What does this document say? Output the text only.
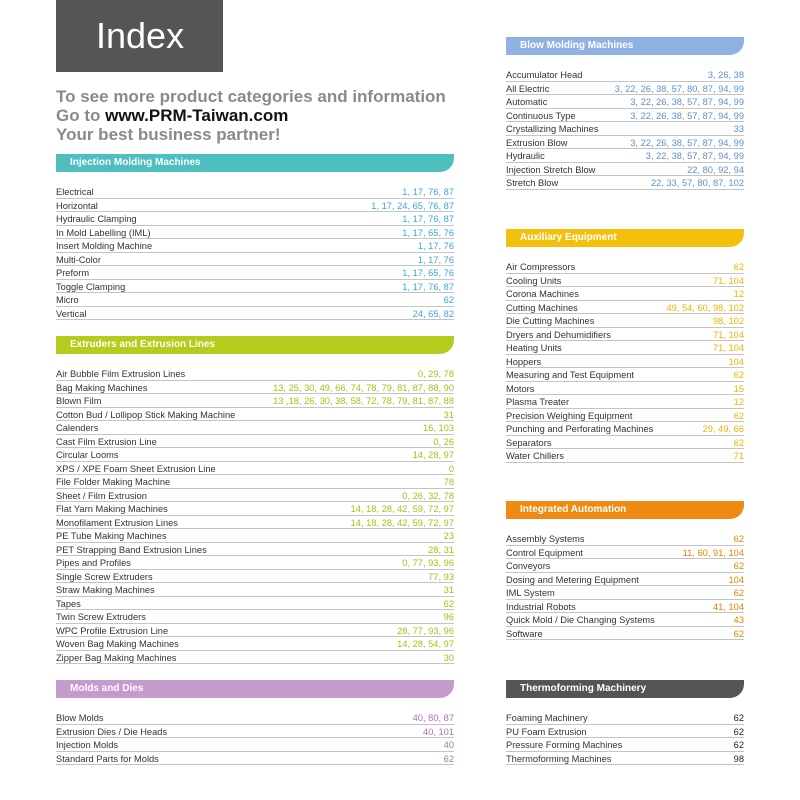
Index
To see more product categories and information
Go to www.PRM-Taiwan.com
Your best business partner!
Injection Molding Machines
Electrical	1, 17, 76, 87
Horizontal	1, 17, 24, 65, 76, 87
Hydraulic Clamping	1, 17, 76, 87
In Mold Labelling (IML)	1, 17, 65, 76
Insert Molding Machine	1, 17, 76
Multi-Color	1, 17, 76
Preform	1, 17, 65, 76
Toggle Clamping	1, 17, 76, 87
Micro	62
Vertical	24, 65, 82
Extruders and Extrusion Lines
Air Bubble Film Extrusion Lines	0, 29, 78
Bag Making Machines	13, 25, 30, 49, 66, 74, 78, 79, 81, 87, 88, 90
Blown Film	13 ,18, 26, 30, 38, 58, 72, 78, 79, 81, 87, 88
Cotton Bud / Lollipop Stick Making Machine	31
Calenders	16, 103
Cast Film Extrusion Line	0, 26
Circular Looms	14, 28, 97
XPS / XPE Foam Sheet Extrusion Line	0
File Folder Making Machine	78
Sheet / Film Extrusion	0, 26, 32, 78
Flat Yarn Making Machines	14, 18, 28, 42, 59, 72, 97
Monofilament Extrusion Lines	14, 18, 28, 42, 59, 72, 97
PE Tube Making Machines	23
PET Strapping Band Extrusion Lines	28, 31
Pipes and Profiles	0, 77, 93, 96
Single Screw Extruders	77, 93
Straw Making Machines	31
Tapes	62
Twin Screw Extruders	96
WPC Profile Extrusion Line	28, 77, 93, 96
Woven Bag Making Machines	14, 28, 54, 97
Zipper Bag Making Machines	30
Molds and Dies
Blow Molds	40, 80, 87
Extrusion Dies / Die Heads	40, 101
Injection Molds	40
Standard Parts for Molds	62
Blow Molding Machines
Accumulator Head	3, 26, 38
All Electric	3, 22, 26, 38, 57, 80, 87, 94, 99
Automatic	3, 22, 26, 38, 57, 87, 94, 99
Continuous Type	3, 22, 26, 38, 57, 87, 94, 99
Crystallizing Machines	33
Extrusion Blow	3, 22, 26, 38, 57, 87, 94, 99
Hydraulic	3, 22, 38, 57, 87, 94, 99
Injection Stretch Blow	22, 80, 92, 94
Stretch Blow	22, 33, 57, 80, 87, 102
Auxiliary Equipment
Air Compressors	62
Cooling Units	71, 104
Corona Machines	12
Cutting Machines	49, 54, 60, 98, 102
Die Cutting Machines	98, 102
Dryers and Dehumidifiers	71, 104
Heating Units	71, 104
Hoppers	104
Measuring and Test Equipment	62
Motors	15
Plasma Treater	12
Precision Weighing Equipment	62
Punching and Perforating Machines	29, 49, 66
Separators	62
Water Chillers	71
Integrated Automation
Assembly Systems	62
Control Equipment	11, 60, 91, 104
Conveyors	62
Dosing and Metering Equipment	104
IML System	62
Industrial Robots	41, 104
Quick Mold / Die Changing Systems	43
Software	62
Thermoforming Machinery
Foaming Machinery	62
PU Foam Extrusion	62
Pressure Forming Machines	62
Thermoforming Machines	98
